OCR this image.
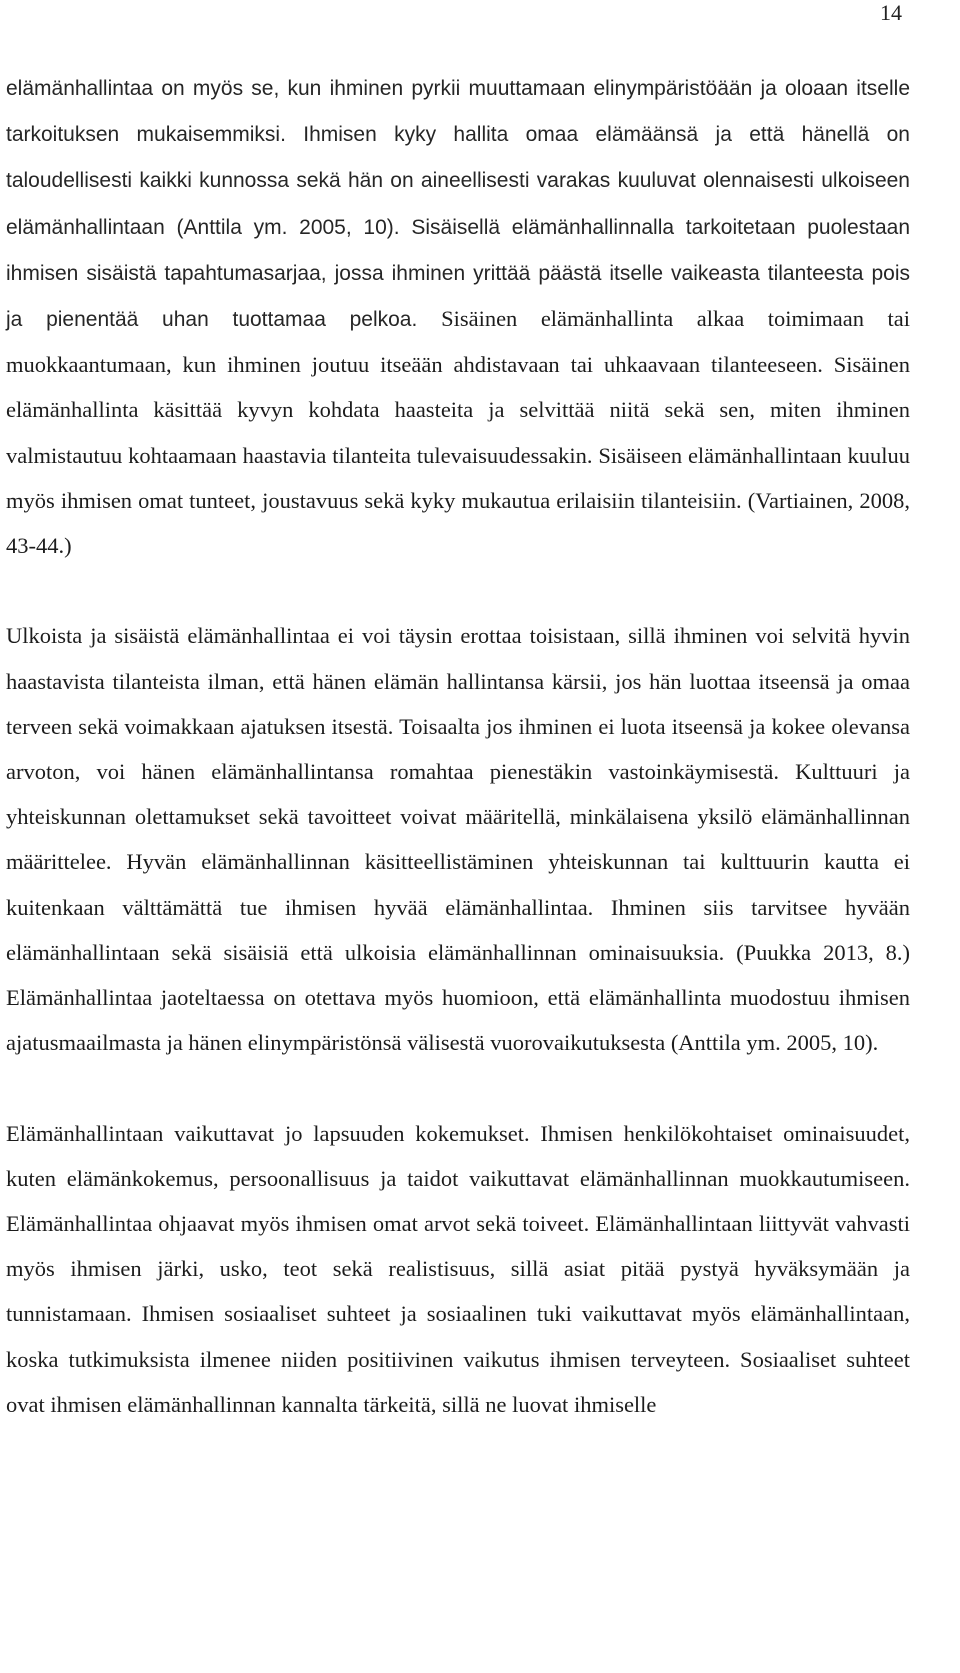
14

elämänhallintaa on myös se, kun ihminen pyrkii muuttamaan elinympäristöään ja oloaan itselle tarkoituksen mukaisemmiksi. Ihmisen kyky hallita omaa elämäänsä ja että hänellä on taloudellisesti kaikki kunnossa sekä hän on aineellisesti varakas kuuluvat olennaisesti ulkoiseen elämänhallintaan (Anttila ym. 2005, 10). Sisäisellä elämänhallinnalla tarkoitetaan puolestaan ihmisen sisäistä tapahtumasarjaa, jossa ihminen yrittää päästä itselle vaikeasta tilanteesta pois ja pienentää uhan tuottamaa pelkoa. Sisäinen elämänhallinta alkaa toimimaan tai muokkaantumaan, kun ihminen joutuu itseään ahdistavaan tai uhkaavaan tilanteeseen. Sisäinen elämänhallinta käsittää kyvyn kohdata haasteita ja selvittää niitä sekä sen, miten ihminen valmistautuu kohtaamaan haastavia tilanteita tulevaisuudessakin. Sisäiseen elämänhallintaan kuuluu myös ihmisen omat tunteet, joustavuus sekä kyky mukautua erilaisiin tilanteisiin. (Vartiainen, 2008, 43-44.)

Ulkoista ja sisäistä elämänhallintaa ei voi täysin erottaa toisistaan, sillä ihminen voi selvitä hyvin haastavista tilanteista ilman, että hänen elämän hallintansa kärsii, jos hän luottaa itseensä ja omaa terveen sekä voimakkaan ajatuksen itsestä. Toisaalta jos ihminen ei luota itseensä ja kokee olevansa arvoton, voi hänen elämänhallintansa romahtaa pienestäkin vastoinkäymisestä. Kulttuuri ja yhteiskunnan olettamukset sekä tavoitteet voivat määritellä, minkälaisena yksilö elämänhallinnan määrittelee. Hyvän elämänhallinnan käsitteellistäminen yhteiskunnan tai kulttuurin kautta ei kuitenkaan välttämättä tue ihmisen hyvää elämänhallintaa. Ihminen siis tarvitsee hyvään elämänhallintaan sekä sisäisiä että ulkoisia elämänhallinnan ominaisuuksia. (Puukka 2013, 8.) Elämänhallintaa jaoteltaessa on otettava myös huomioon, että elämänhallinta muodostuu ihmisen ajatusmaailmasta ja hänen elinympäristönsä välisestä vuorovaikutuksesta (Anttila ym. 2005, 10).

Elämänhallintaan vaikuttavat jo lapsuuden kokemukset. Ihmisen henkilökohtaiset ominaisuudet, kuten elämänkokemus, persoonallisuus ja taidot vaikuttavat elämänhallinnan muokkautumiseen. Elämänhallintaa ohjaavat myös ihmisen omat arvot sekä toiveet. Elämänhallintaan liittyvät vahvasti myös ihmisen järki, usko, teot sekä realistisuus, sillä asiat pitää pystyä hyväksymään ja tunnistamaan. Ihmisen sosiaaliset suhteet ja sosiaalinen tuki vaikuttavat myös elämänhallintaan, koska tutkimuksista ilmenee niiden positiivinen vaikutus ihmisen terveyteen. Sosiaaliset suhteet ovat ihmisen elämänhallinnan kannalta tärkeitä, sillä ne luovat ihmiselle
